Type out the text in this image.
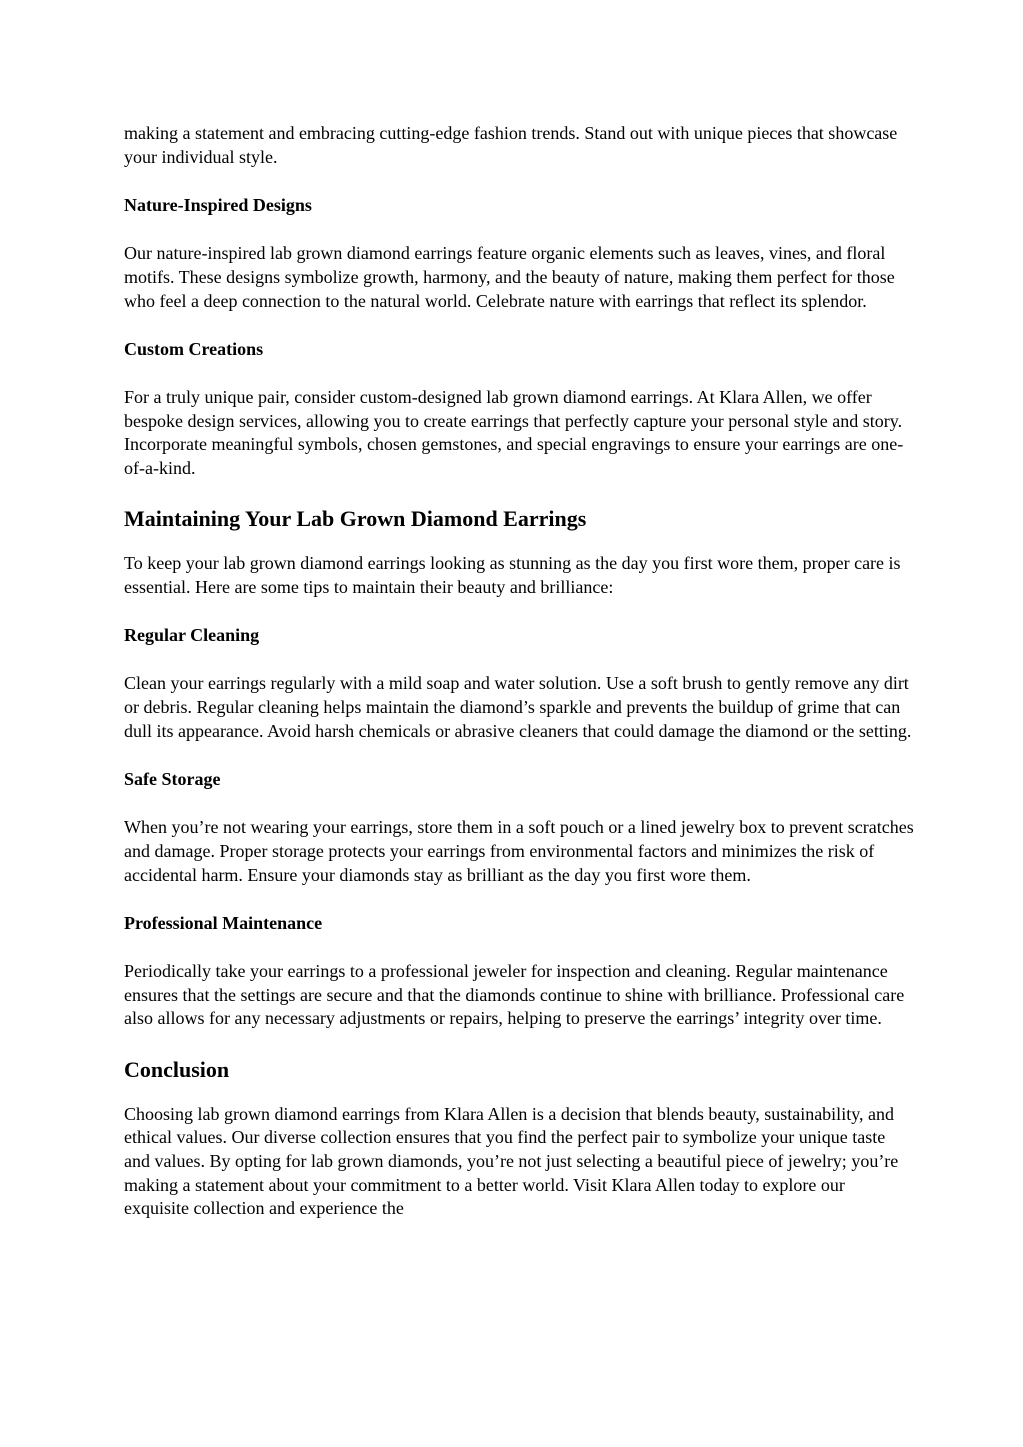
making a statement and embracing cutting-edge fashion trends. Stand out with unique pieces that showcase your individual style.

Nature-Inspired Designs

Our nature-inspired lab grown diamond earrings feature organic elements such as leaves, vines, and floral motifs. These designs symbolize growth, harmony, and the beauty of nature, making them perfect for those who feel a deep connection to the natural world. Celebrate nature with earrings that reflect its splendor.

Custom Creations

For a truly unique pair, consider custom-designed lab grown diamond earrings. At Klara Allen, we offer bespoke design services, allowing you to create earrings that perfectly capture your personal style and story. Incorporate meaningful symbols, chosen gemstones, and special engravings to ensure your earrings are one-of-a-kind.

Maintaining Your Lab Grown Diamond Earrings

To keep your lab grown diamond earrings looking as stunning as the day you first wore them, proper care is essential. Here are some tips to maintain their beauty and brilliance:

Regular Cleaning

Clean your earrings regularly with a mild soap and water solution. Use a soft brush to gently remove any dirt or debris. Regular cleaning helps maintain the diamond’s sparkle and prevents the buildup of grime that can dull its appearance. Avoid harsh chemicals or abrasive cleaners that could damage the diamond or the setting.

Safe Storage

When you’re not wearing your earrings, store them in a soft pouch or a lined jewelry box to prevent scratches and damage. Proper storage protects your earrings from environmental factors and minimizes the risk of accidental harm. Ensure your diamonds stay as brilliant as the day you first wore them.

Professional Maintenance

Periodically take your earrings to a professional jeweler for inspection and cleaning. Regular maintenance ensures that the settings are secure and that the diamonds continue to shine with brilliance. Professional care also allows for any necessary adjustments or repairs, helping to preserve the earrings’ integrity over time.

Conclusion

Choosing lab grown diamond earrings from Klara Allen is a decision that blends beauty, sustainability, and ethical values. Our diverse collection ensures that you find the perfect pair to symbolize your unique taste and values. By opting for lab grown diamonds, you’re not just selecting a beautiful piece of jewelry; you’re making a statement about your commitment to a better world. Visit Klara Allen today to explore our exquisite collection and experience the
